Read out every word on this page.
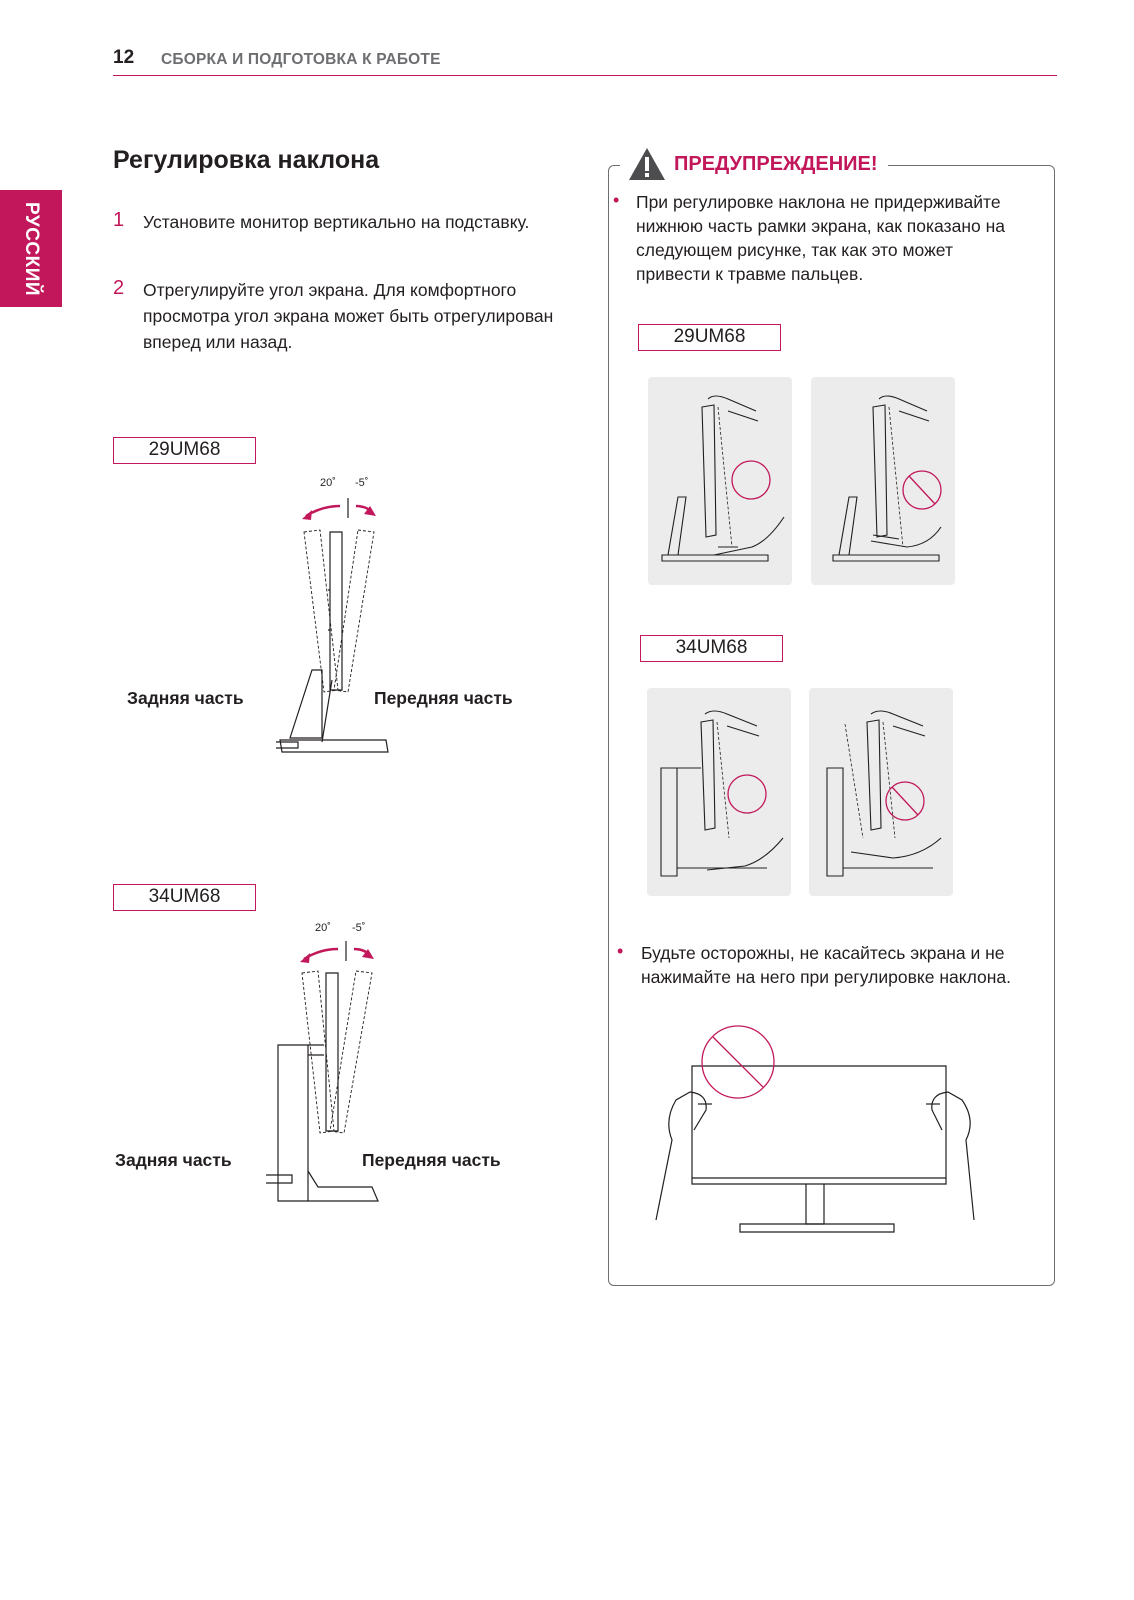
12 СБОРКА И ПОДГОТОВКА К РАБОТЕ
РУССКИЙ
Регулировка наклона
1 Установите монитор вертикально на подставку.
2 Отрегулируйте угол экрана. Для комфортного просмотра угол экрана может быть отрегулирован вперед или назад.
29UM68
20˚ -5˚
Задняя часть	Передняя часть
34UM68
20˚ -5˚
Задняя часть	Передняя часть
ПРЕДУПРЕЖДЕНИЕ!
• При регулировке наклона не придерживайте нижнюю часть рамки экрана, как показано на следующем рисунке, так как это может привести к травме пальцев.
29UM68
34UM68
• Будьте осторожны, не касайтесь экрана и не нажимайте на него при регулировке наклона.
